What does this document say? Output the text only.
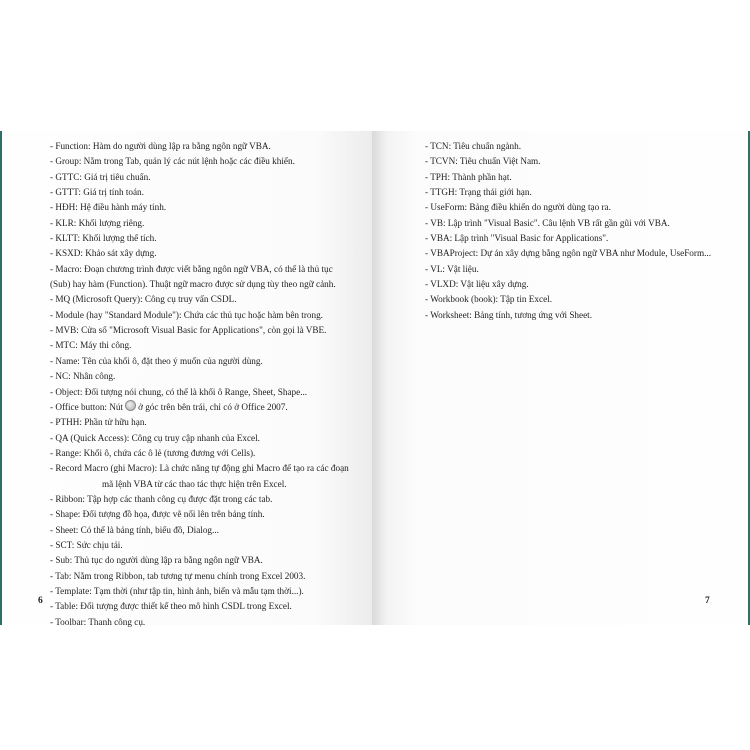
- Function: Hàm do người dùng lập ra bằng ngôn ngữ VBA.
- Group: Nằm trong Tab, quản lý các nút lệnh hoặc các điều khiển.
- GTTC: Giá trị tiêu chuẩn.
- GTTT: Giá trị tính toán.
- HĐH: Hệ điều hành máy tính.
- KLR: Khối lượng riêng.
- KLTT: Khối lượng thể tích.
- KSXD: Khảo sát xây dựng.
- Macro: Đoạn chương trình được viết bằng ngôn ngữ VBA, có thể là thủ tục
(Sub) hay hàm (Function). Thuật ngữ macro được sử dụng tùy theo ngữ cảnh.
- MQ (Microsoft Query): Công cụ truy vấn CSDL.
- Module (hay "Standard Module"): Chứa các thủ tục hoặc hàm bên trong.
- MVB: Cửa sổ "Microsoft Visual Basic for Applications", còn gọi là VBE.
- MTC: Máy thi công.
- Name: Tên của khối ô, đặt theo ý muốn của người dùng.
- NC: Nhân công.
- Object: Đối tượng nói chung, có thể là khối ô Range, Sheet, Shape...
- Office button: Nút ở góc trên bên trái, chỉ có ở Office 2007.
- PTHH: Phần tử hữu hạn.
- QA (Quick Access): Công cụ truy cập nhanh của Excel.
- Range: Khối ô, chứa các ô lẻ (tương đương với Cells).
- Record Macro (ghi Macro): Là chức năng tự động ghi Macro để tạo ra các đoạn
mã lệnh VBA từ các thao tác thực hiện trên Excel.
- Ribbon: Tập hợp các thanh công cụ được đặt trong các tab.
- Shape: Đối tượng đồ họa, được vẽ nổi lên trên bảng tính.
- Sheet: Có thể là bảng tính, biểu đồ, Dialog...
- SCT: Sức chịu tải.
- Sub: Thủ tục do người dùng lập ra bằng ngôn ngữ VBA.
- Tab: Nằm trong Ribbon, tab tương tự menu chính trong Excel 2003.
- Template: Tạm thời (như tập tin, hình ảnh, biến và mẫu tạm thời...).
- Table: Đối tượng được thiết kế theo mô hình CSDL trong Excel.
- Toolbar: Thanh công cụ.
- TCN: Tiêu chuẩn ngành.
- TCVN: Tiêu chuẩn Việt Nam.
- TPH: Thành phần hạt.
- TTGH: Trạng thái giới hạn.
- UseForm: Bảng điều khiển do người dùng tạo ra.
- VB: Lập trình "Visual Basic". Câu lệnh VB rất gần gũi với VBA.
- VBA: Lập trình "Visual Basic for Applications".
- VBAProject: Dự án xây dựng bằng ngôn ngữ VBA như Module, UseForm...
- VL: Vật liệu.
- VLXD: Vật liệu xây dựng.
- Workbook (book): Tập tin Excel.
- Worksheet: Bảng tính, tương ứng với Sheet.
6	7
